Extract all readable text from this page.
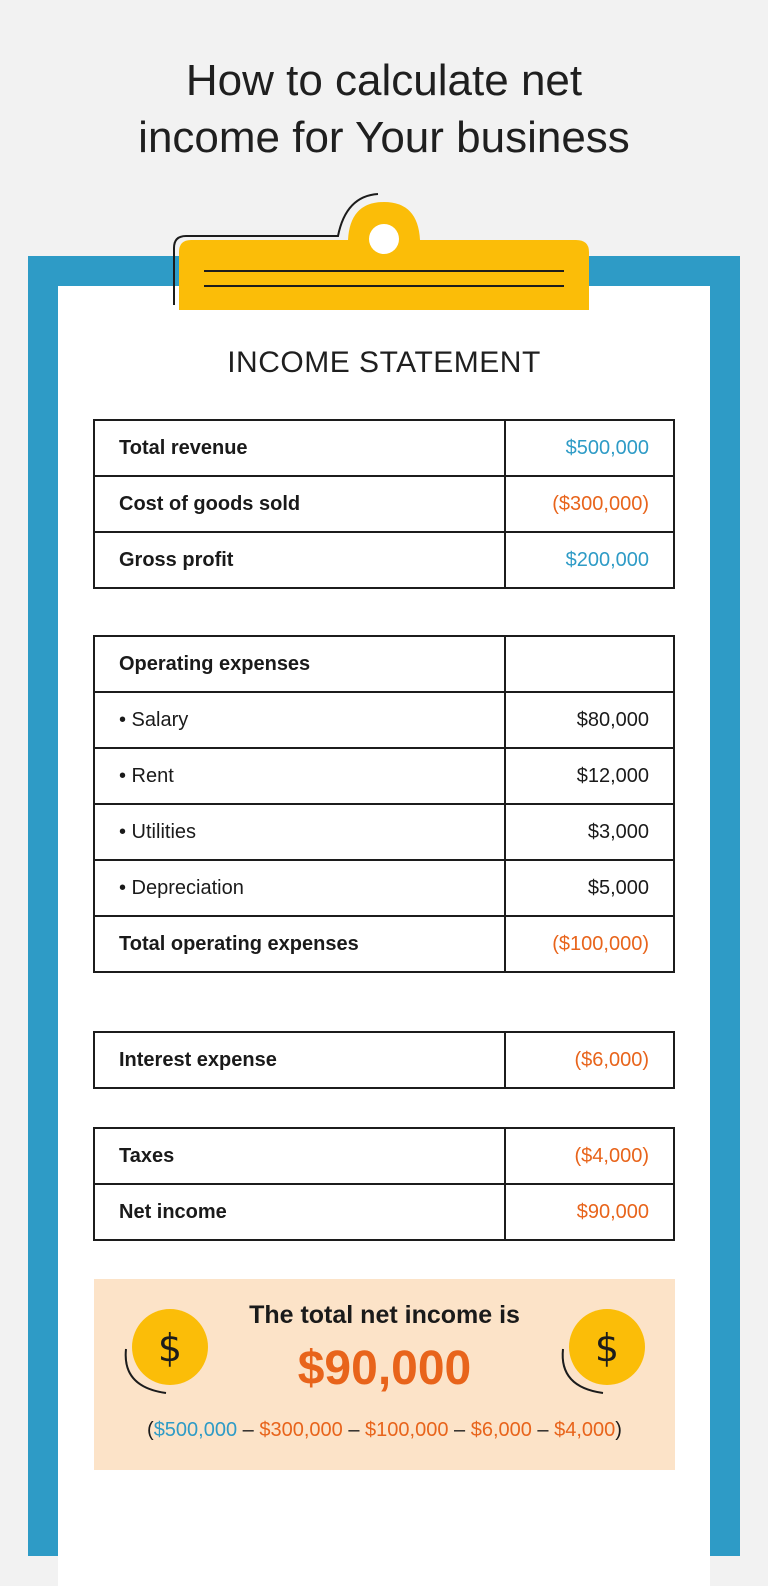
How to calculate net
income for Your business
INCOME STATEMENT
Total revenue	$500,000
Cost of goods sold	($300,000)
Gross profit	$200,000
Operating expenses	
• Salary	$80,000
• Rent	$12,000
• Utilities	$3,000
• Depreciation	$5,000
Total operating expenses	($100,000)
Interest expense	($6,000)
Taxes	($4,000)
Net income	$90,000
The total net income is
$90,000
($500,000 – $300,000 – $100,000 – $6,000 – $4,000)
$	$
